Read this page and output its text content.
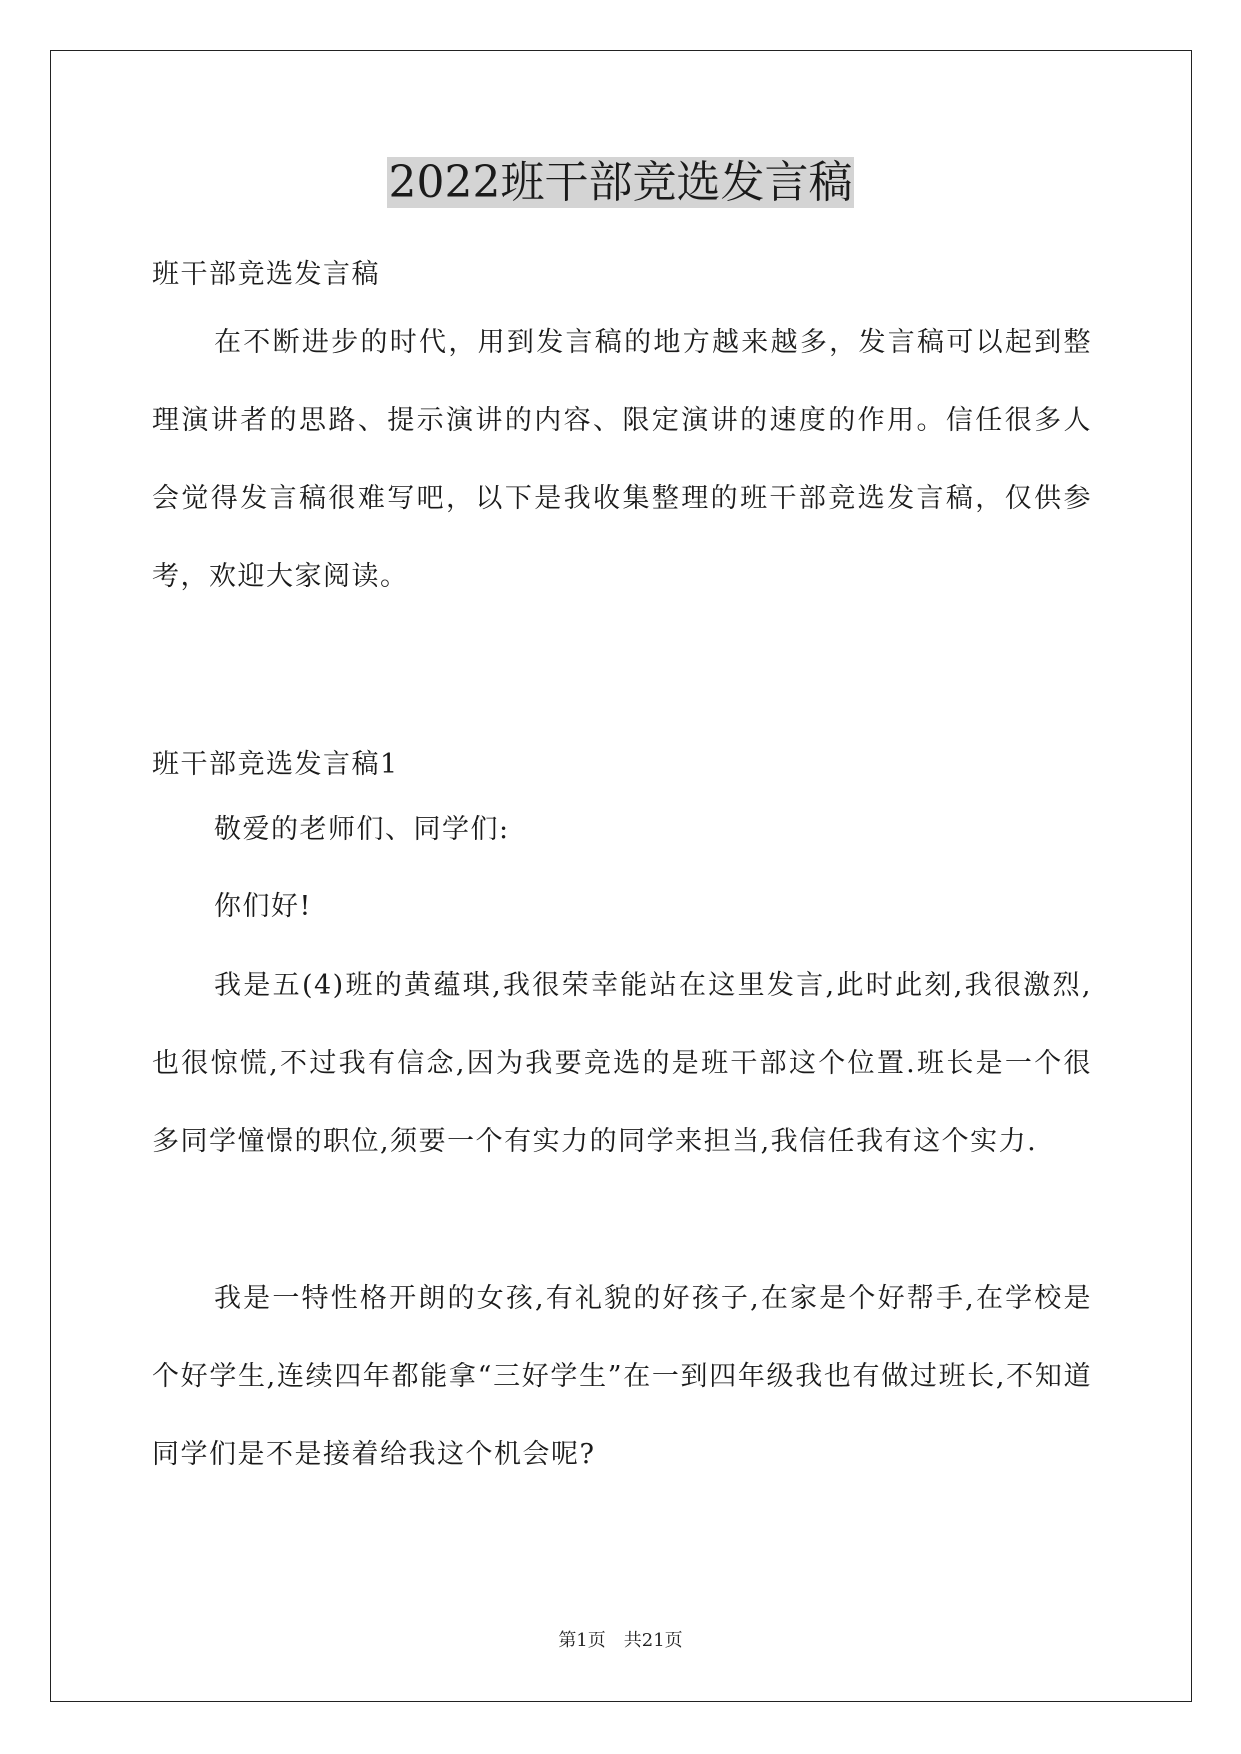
2022班干部竞选发言稿

班干部竞选发言稿

在不断进步的时代，用到发言稿的地方越来越多，发言稿可以起到整理演讲者的思路、提示演讲的内容、限定演讲的速度的作用。信任很多人会觉得发言稿很难写吧，以下是我收集整理的班干部竞选发言稿，仅供参考，欢迎大家阅读。

班干部竞选发言稿1

敬爱的老师们、同学们:

你们好!

我是五(4)班的黄蕴琪,我很荣幸能站在这里发言,此时此刻,我很激烈,也很惊慌,不过我有信念,因为我要竞选的是班干部这个位置.班长是一个很多同学憧憬的职位,须要一个有实力的同学来担当,我信任我有这个实力.

我是一特性格开朗的女孩,有礼貌的好孩子,在家是个好帮手,在学校是个好学生,连续四年都能拿“三好学生”在一到四年级我也有做过班长,不知道同学们是不是接着给我这个机会呢?

第1页　共21页
